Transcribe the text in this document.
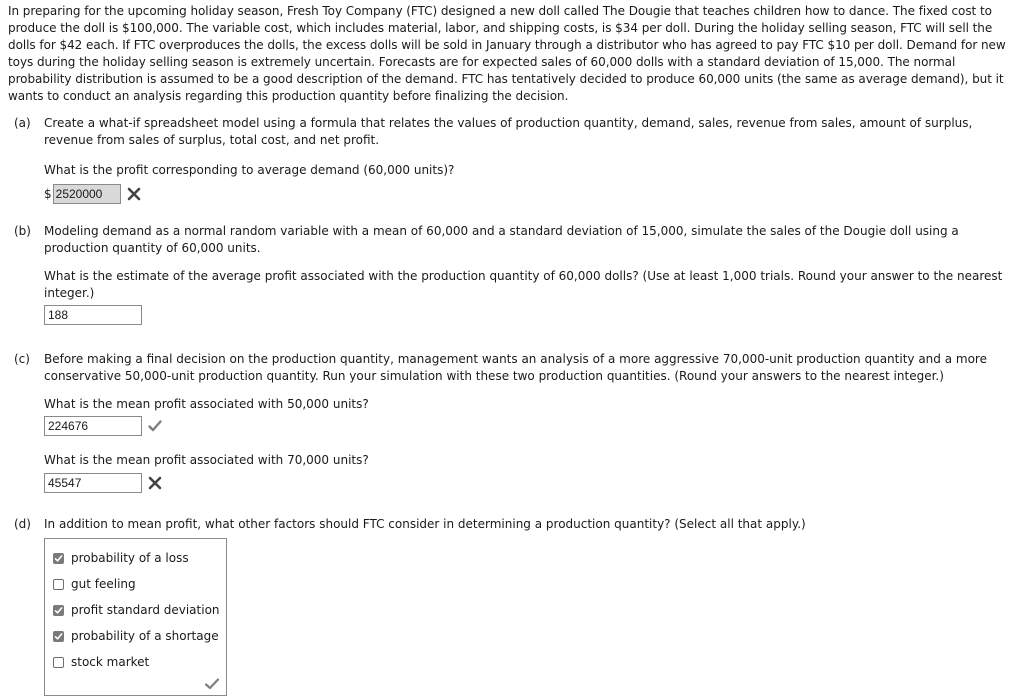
In preparing for the upcoming holiday season, Fresh Toy Company (FTC) designed a new doll called The Dougie that teaches children how to dance. The fixed cost to produce the doll is $100,000. The variable cost, which includes material, labor, and shipping costs, is $34 per doll. During the holiday selling season, FTC will sell the dolls for $42 each. If FTC overproduces the dolls, the excess dolls will be sold in January through a distributor who has agreed to pay FTC $10 per doll. Demand for new toys during the holiday selling season is extremely uncertain. Forecasts are for expected sales of 60,000 dolls with a standard deviation of 15,000. The normal probability distribution is assumed to be a good description of the demand. FTC has tentatively decided to produce 60,000 units (the same as average demand), but it wants to conduct an analysis regarding this production quantity before finalizing the decision.
(a) Create a what-if spreadsheet model using a formula that relates the values of production quantity, demand, sales, revenue from sales, amount of surplus, revenue from sales of surplus, total cost, and net profit.
What is the profit corresponding to average demand (60,000 units)?
$ 2520000
(b) Modeling demand as a normal random variable with a mean of 60,000 and a standard deviation of 15,000, simulate the sales of the Dougie doll using a production quantity of 60,000 units.
What is the estimate of the average profit associated with the production quantity of 60,000 dolls? (Use at least 1,000 trials. Round your answer to the nearest integer.)
188
(c) Before making a final decision on the production quantity, management wants an analysis of a more aggressive 70,000-unit production quantity and a more conservative 50,000-unit production quantity. Run your simulation with these two production quantities. (Round your answers to the nearest integer.)
What is the mean profit associated with 50,000 units?
224676
What is the mean profit associated with 70,000 units?
45547
(d) In addition to mean profit, what other factors should FTC consider in determining a production quantity? (Select all that apply.)
probability of a loss
gut feeling
profit standard deviation
probability of a shortage
stock market
